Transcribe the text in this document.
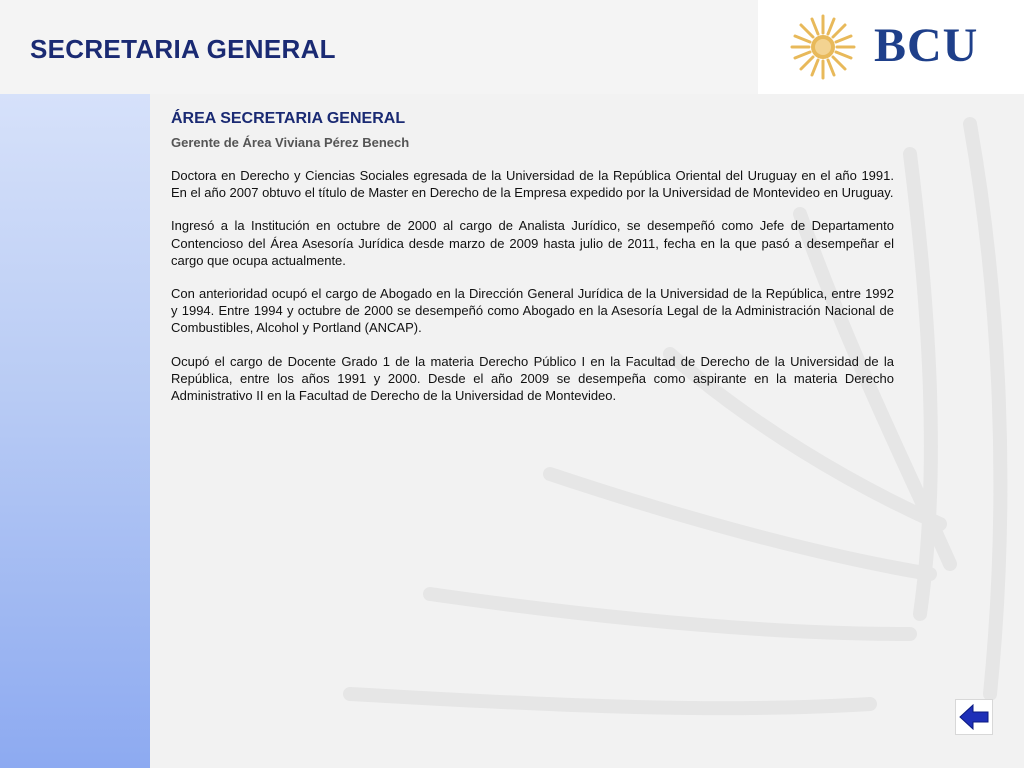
SECRETARIA GENERAL	BCU
ÁREA SECRETARIA GENERAL

Gerente de Área Viviana Pérez Benech

Doctora en Derecho y Ciencias Sociales egresada de la Universidad de la República Oriental del Uruguay en el año 1991. En el año 2007 obtuvo el título de Master en Derecho de la Empresa expedido por la Universidad de Montevideo en Uruguay.

Ingresó a la Institución en octubre de 2000 al cargo de Analista Jurídico, se desempeñó como Jefe de Departamento Contencioso del Área Asesoría Jurídica desde marzo de 2009 hasta julio de 2011, fecha en la que pasó a desempeñar el cargo que ocupa actualmente.

Con anterioridad ocupó el cargo de Abogado en la Dirección General Jurídica de la Universidad de la República, entre 1992 y 1994. Entre 1994 y octubre de 2000 se desempeñó como Abogado en la Asesoría Legal de la Administración Nacional de Combustibles, Alcohol y Portland (ANCAP).

Ocupó el cargo de Docente Grado 1 de la materia Derecho Público I en la Facultad de Derecho de la Universidad de la República, entre los años 1991 y 2000. Desde el año 2009 se desempeña como aspirante en la materia Derecho Administrativo II en la Facultad de Derecho de la Universidad de Montevideo.
